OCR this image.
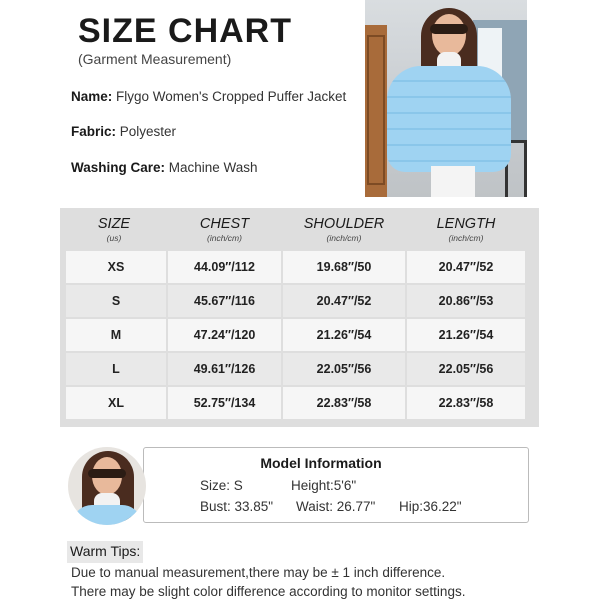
SIZE CHART
(Garment Measurement)
Name: Flygo Women's Cropped Puffer Jacket
Fabric: Polyester
Washing Care: Machine Wash
SIZE
(us)
CHEST
(inch/cm)
SHOULDER
(inch/cm)
LENGTH
(inch/cm)
XS	44.09″/112	19.68″/50	20.47″/52
S	45.67″/116	20.47″/52	20.86″/53
M	47.24″/120	21.26″/54	21.26″/54
L	49.61″/126	22.05″/56	22.05″/56
XL	52.75″/134	22.83″/58	22.83″/58
Model Information
Size: S	Height:5'6"
Bust: 33.85" Waist: 26.77" Hip:36.22"
Warm Tips:
Due to manual measurement,there may be ± 1 inch difference.
There may be slight color difference according to monitor settings.
